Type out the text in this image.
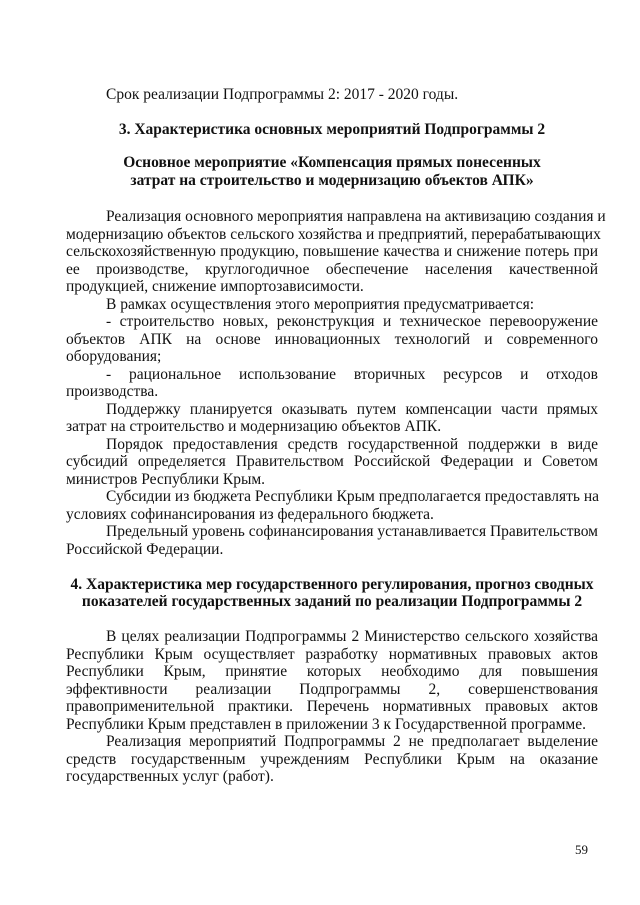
Срок реализации Подпрограммы 2: 2017 - 2020 годы.
3. Характеристика основных мероприятий Подпрограммы 2
Основное мероприятие «Компенсация прямых понесенных
затрат на строительство и модернизацию объектов АПК»
Реализация основного мероприятия направлена на активизацию создания и
модернизацию объектов сельского хозяйства и предприятий, перерабатывающих
сельскохозяйственную продукцию, повышение качества и снижение потерь при
ее производстве, круглогодичное обеспечение населения качественной
продукцией, снижение импортозависимости.
В рамках осуществления этого мероприятия предусматривается:
- строительство новых, реконструкция и техническое перевооружение
объектов АПК на основе инновационных технологий и современного
оборудования;
- рациональное использование вторичных ресурсов и отходов
производства.
Поддержку планируется оказывать путем компенсации части прямых
затрат на строительство и модернизацию объектов АПК.
Порядок предоставления средств государственной поддержки в виде
субсидий определяется Правительством Российской Федерации и Советом
министров Республики Крым.
Субсидии из бюджета Республики Крым предполагается предоставлять на
условиях софинансирования из федерального бюджета.
Предельный уровень софинансирования устанавливается Правительством
Российской Федерации.
4. Характеристика мер государственного регулирования, прогноз сводных
показателей государственных заданий по реализации Подпрограммы 2
В целях реализации Подпрограммы 2 Министерство сельского хозяйства
Республики Крым осуществляет разработку нормативных правовых актов
Республики Крым, принятие которых необходимо для повышения
эффективности реализации Подпрограммы 2, совершенствования
правоприменительной практики. Перечень нормативных правовых актов
Республики Крым представлен в приложении 3 к Государственной программе.
Реализация мероприятий Подпрограммы 2 не предполагает выделение
средств государственным учреждениям Республики Крым на оказание
государственных услуг (работ).
59
